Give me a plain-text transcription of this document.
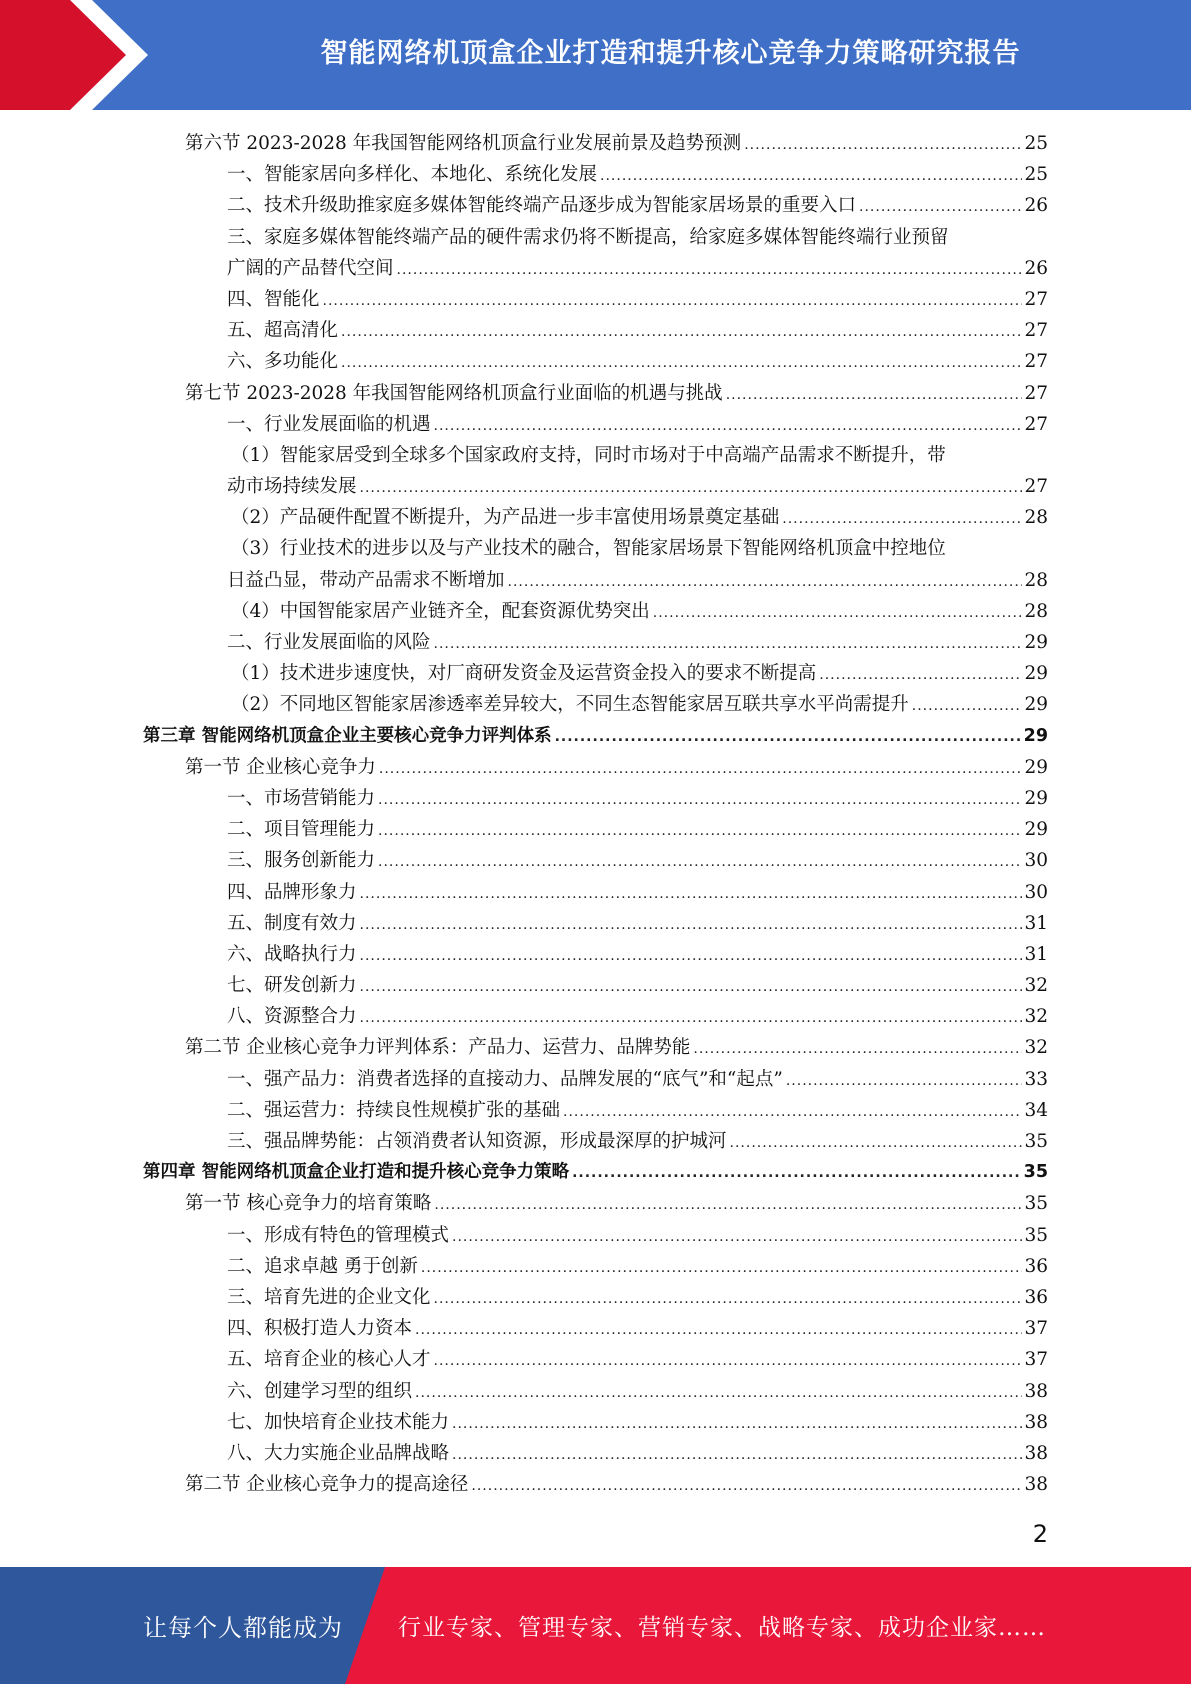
智能网络机顶盒企业打造和提升核心竞争力策略研究报告
第六节 2023-2028 年我国智能网络机顶盒行业发展前景及趋势预测 .....	25
一、智能家居向多样化、本地化、系统化发展 .....	25
二、技术升级助推家庭多媒体智能终端产品逐步成为智能家居场景的重要入口 .....	26
三、家庭多媒体智能终端产品的硬件需求仍将不断提高，给家庭多媒体智能终端行业预留
广阔的产品替代空间 .....	26
四、智能化 .....	27
五、超高清化 .....	27
六、多功能化 .....	27
第七节 2023-2028 年我国智能网络机顶盒行业面临的机遇与挑战 .....	27
一、行业发展面临的机遇 .....	27
（1）智能家居受到全球多个国家政府支持，同时市场对于中高端产品需求不断提升，带
动市场持续发展 .....	27
（2）产品硬件配置不断提升，为产品进一步丰富使用场景奠定基础 .....	28
（3）行业技术的进步以及与产业技术的融合，智能家居场景下智能网络机顶盒中控地位
日益凸显，带动产品需求不断增加 .....	28
（4）中国智能家居产业链齐全，配套资源优势突出 .....	28
二、行业发展面临的风险 .....	29
（1）技术进步速度快，对厂商研发资金及运营资金投入的要求不断提高 .....	29
（2）不同地区智能家居渗透率差异较大，不同生态智能家居互联共享水平尚需提升 .....	29
第三章 智能网络机顶盒企业主要核心竞争力评判体系 .....	29
第一节 企业核心竞争力 .....	29
一、市场营销能力 .....	29
二、项目管理能力 .....	29
三、服务创新能力 .....	30
四、品牌形象力 .....	30
五、制度有效力 .....	31
六、战略执行力 .....	31
七、研发创新力 .....	32
八、资源整合力 .....	32
第二节 企业核心竞争力评判体系：产品力、运营力、品牌势能 .....	32
一、强产品力：消费者选择的直接动力、品牌发展的“底气”和“起点” .....	33
二、强运营力：持续良性规模扩张的基础 .....	34
三、强品牌势能：占领消费者认知资源，形成最深厚的护城河 .....	35
第四章 智能网络机顶盒企业打造和提升核心竞争力策略 .....	35
第一节 核心竞争力的培育策略 .....	35
一、形成有特色的管理模式 .....	35
二、追求卓越 勇于创新 .....	36
三、培育先进的企业文化 .....	36
四、积极打造人力资本 .....	37
五、培育企业的核心人才 .....	37
六、创建学习型的组织 .....	38
七、加快培育企业技术能力 .....	38
八、大力实施企业品牌战略 .....	38
第二节 企业核心竞争力的提高途径 .....	38
2
让每个人都能成为 行业专家、管理专家、营销专家、战略专家、成功企业家……
